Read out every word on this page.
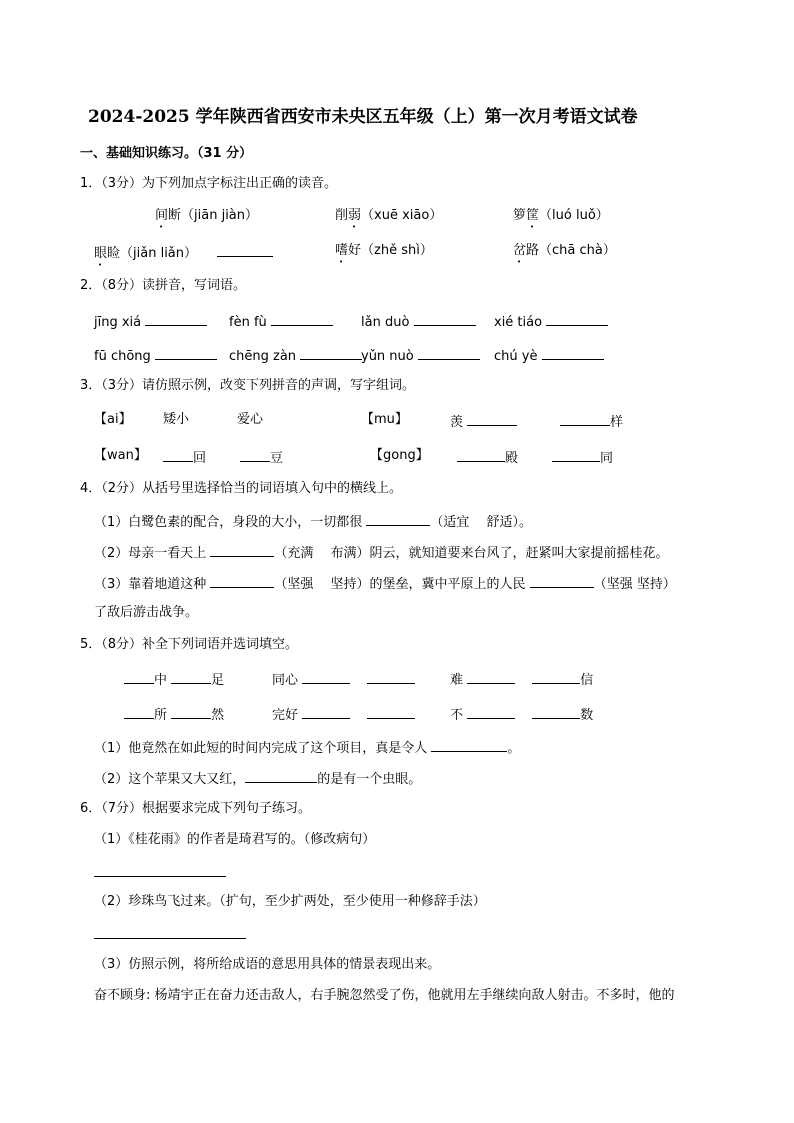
2024-2025 学年陕西省西安市未央区五年级（上）第一次月考语文试卷
一、基础知识练习。（31 分）
1．（3分）为下列加点字标注出正确的读音。
间断（jiān jiàn）	削弱（xuē xiāo）	箩筐（luó luǒ）
眼睑（jiǎn liǎn）	嗜好（zhě shì）	岔路（chā chà）
2．（8分）读拼音，写词语。
jīng xiá	fèn fù	lǎn duò	xié tiáo
fū chōng	chēng zàn	yǔn nuò	chú yè
3．（3分）请仿照示例，改变下列拼音的声调，写字组词。
【ai】 矮小	爱心	【mu】	羡	样
【wan】	回	豆	【gong】	殿	同
4．（2分）从括号里选择恰当的词语填入句中的横线上。
（1）白鹭色素的配合，身段的大小，一切都很	（适宜　 舒适）。
（2）母亲一看天上	（充满　 布满）阴云，就知道要来台风了，赶紧叫大家提前摇桂花。
（3）靠着地道这种	（坚强　 坚持）的堡垒，冀中平原上的人民	（坚强 坚持）
了敌后游击战争。
5．（8分）补全下列词语并选词填空。
中	足	同心 　	难 　	信
所	然	完好 　	不 　	数
（1）他竟然在如此短的时间内完成了这个项目，真是令人	。
（2）这个苹果又大又红，	的是有一个虫眼。
6．（7分）根据要求完成下列句子练习。
（1）《桂花雨》的作者是琦君写的。（修改病句）
（2）珍珠鸟飞过来。（扩句，至少扩两处，至少使用一种修辞手法）
（3）仿照示例，将所给成语的意思用具体的情景表现出来。
奋不顾身: 杨靖宇正在奋力还击敌人，右手腕忽然受了伤，他就用左手继续向敌人射击。不多时，他的
